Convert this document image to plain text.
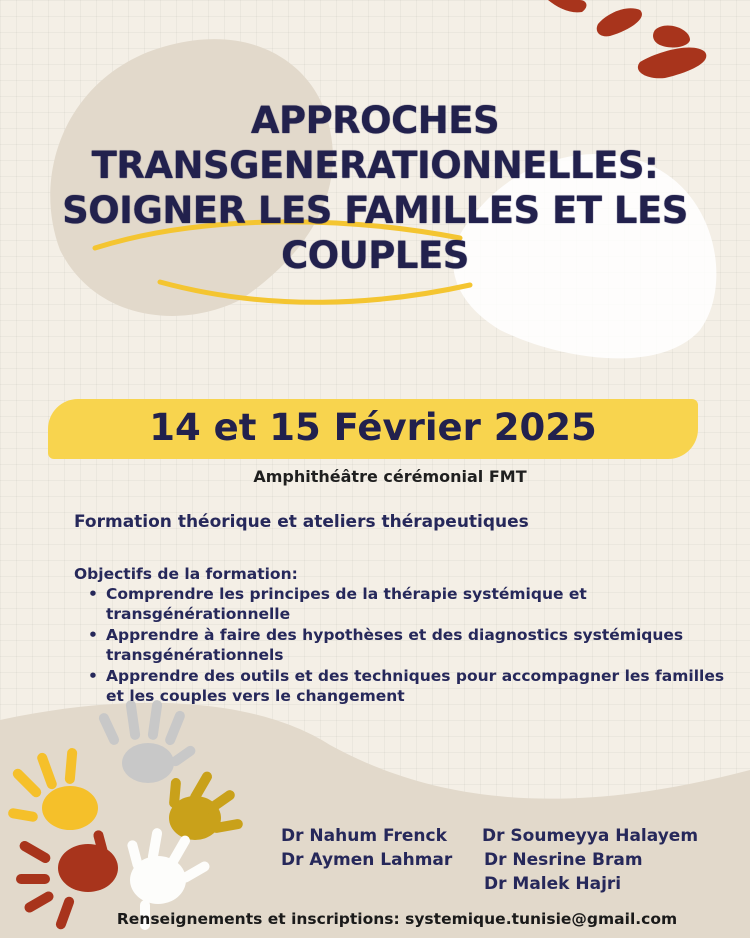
APPROCHES
TRANSGENERATIONNELLES:
SOIGNER LES FAMILLES ET LES
COUPLES
14 et 15 Février 2025
Amphithéâtre cérémonial FMT
Formation théorique et ateliers thérapeutiques
Objectifs de la formation:
• Comprendre les principes de la thérapie systémique et transgénérationnelle
• Apprendre à faire des hypothèses et des diagnostics systémiques transgénérationnels
• Apprendre des outils et des techniques pour accompagner les familles et les couples vers le changement
Dr Nahum Frenck
Dr Aymen Lahmar
Dr Soumeyya Halayem
Dr Nesrine Bram
Dr Malek Hajri
Renseignements et inscriptions: systemique.tunisie@gmail.com
